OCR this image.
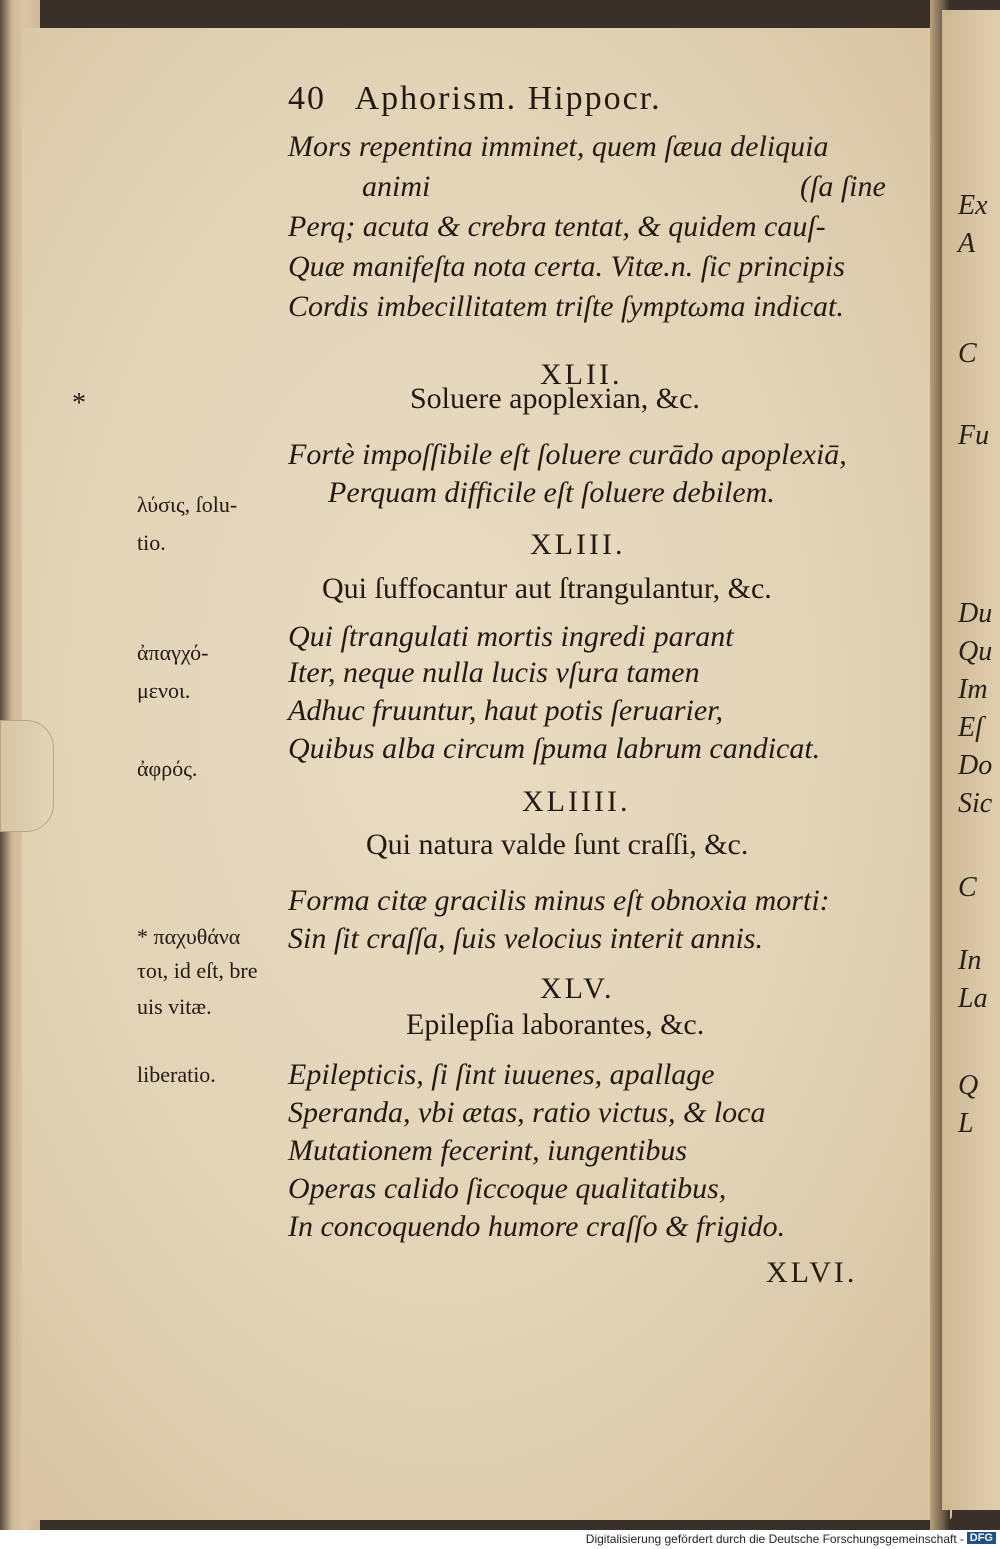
Ex
A
C
Fu
Du
Qu
Im
Eſ
Do
Sic
C
In
La
Q
L
40 Aphorism. Hippocr.
Mors repentina imminet, quem ſæua deliquia
animi	(ſa ſine
Perq; acuta & crebra tentat, & quidem cauſ-
Quæ manifeſta nota certa. Vitæ.n. ſic principis
Cordis imbecillitatem triſte ſymptωma indicat.
XLII.
Soluere apoplexian, &c.
Fortè impoſſibile eſt ſoluere curādo apoplexiā,
Perquam difficile eſt ſoluere debilem.
XLIII.
Qui ſuffocantur aut ſtrangulantur, &c.
Qui ſtrangulati mortis ingredi parant
Iter, neque nulla lucis vſura tamen
Adhuc fruuntur, haut potis ſeruarier,
Quibus alba circum ſpuma labrum candicat.
XLIIII.
Qui natura valde ſunt craſſi, &c.
Forma citæ gracilis minus eſt obnoxia morti:
Sin ſit craſſa, ſuis velocius interit annis.
XLV.
Epilepſia laborantes, &c.
Epilepticis, ſi ſint iuuenes, apallage
Speranda, vbi ætas, ratio victus, & loca
Mutationem fecerint, iungentibus
Operas calido ſiccoque qualitatibus,
In concoquendo humore craſſo & frigido.
XLVI.
*
λύσις, ſolu-
tio.
ἀπαγχό-
μενοι.
ἀφρός.
* παχυθάνα
τοι, id eſt, bre
uis vitæ.
liberatio.
Digitalisierung gefördert durch die Deutsche Forschungsgemeinschaft - DFG
